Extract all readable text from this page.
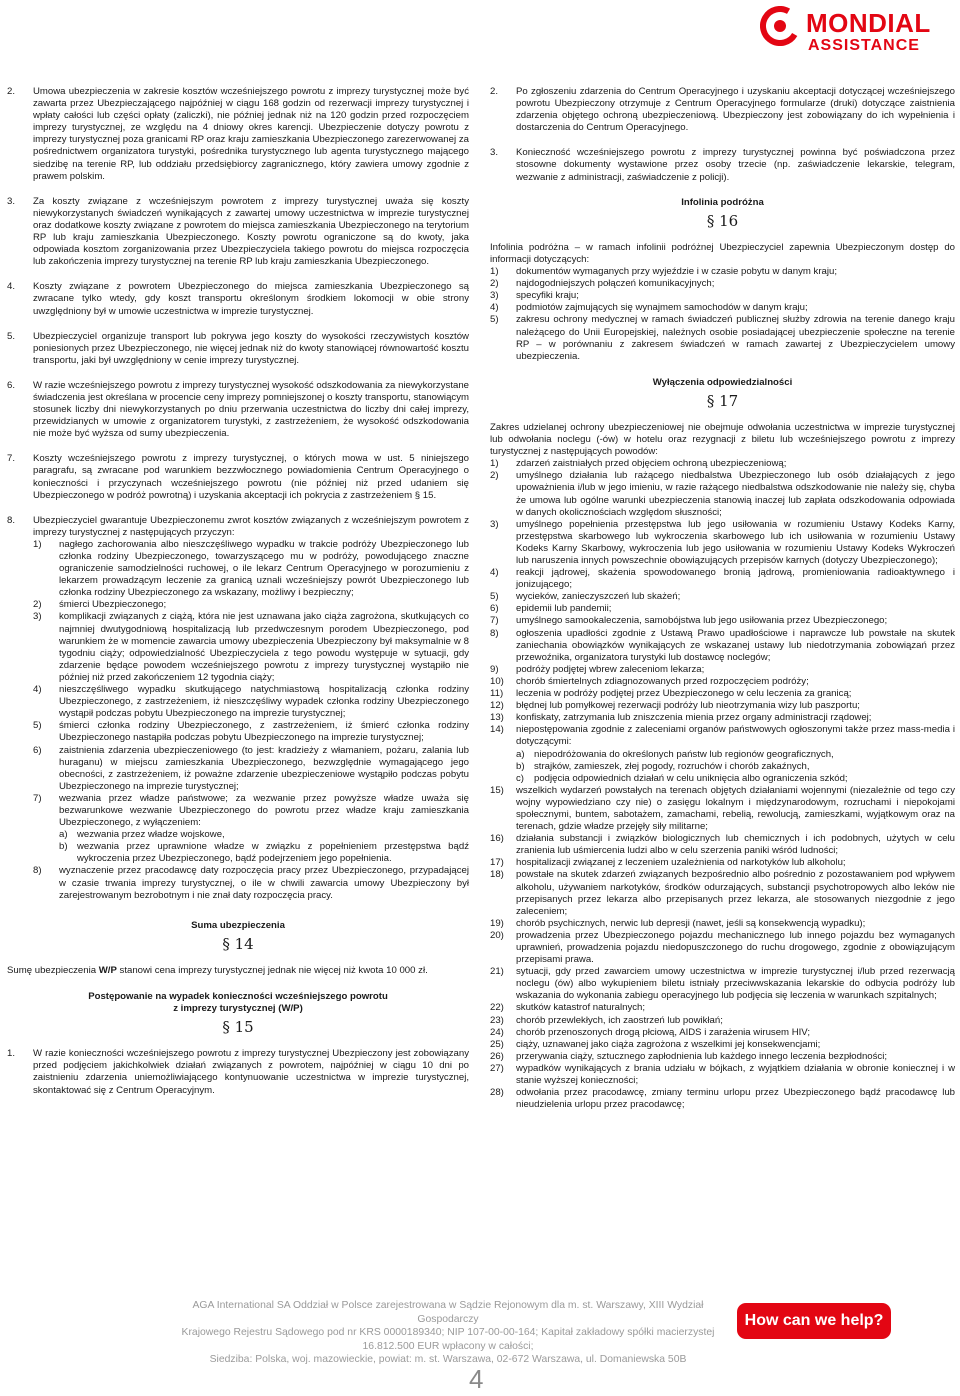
MONDIAL
ASSISTANCE
2.	Umowa ubezpieczenia w zakresie kosztów wcześniejszego powrotu z imprezy turystycznej może być zawarta przez Ubezpieczającego najpóźniej w ciągu 168 godzin od rezerwacji imprezy turystycznej i wpłaty całości lub części opłaty (zaliczki), nie później jednak niż na 120 godzin przed rozpoczęciem imprezy turystycznej, ze względu na 4 dniowy okres karencji. Ubezpieczenie dotyczy powrotu z imprezy turystycznej poza granicami RP oraz kraju zamieszkania Ubezpieczonego zarezerwowanej za pośrednictwem organizatora turystyki, pośrednika turystycznego lub agenta turystycznego mającego siedzibę na terenie RP, lub oddziału przedsiębiorcy zagranicznego, który zawiera umowy zgodnie z prawem polskim.
3.	Za koszty związane z wcześniejszym powrotem z imprezy turystycznej uważa się koszty niewykorzystanych świadczeń wynikających z zawartej umowy uczestnictwa w imprezie turystycznej oraz dodatkowe koszty związane z powrotem do miejsca zamieszkania Ubezpieczonego na terytorium RP lub kraju zamieszkania Ubezpieczonego. Koszty powrotu ograniczone są do kwoty, jaka odpowiada kosztom zorganizowania przez Ubezpieczyciela takiego powrotu do miejsca rozpoczęcia lub zakończenia imprezy turystycznej na terenie RP lub kraju zamieszkania Ubezpieczonego.
4.	Koszty związane z powrotem Ubezpieczonego do miejsca zamieszkania Ubezpieczonego są zwracane tylko wtedy, gdy koszt transportu określonym środkiem lokomocji w obie strony uwzględniony był w umowie uczestnictwa w imprezie turystycznej.
5.	Ubezpieczyciel organizuje transport lub pokrywa jego koszty do wysokości rzeczywistych kosztów poniesionych przez Ubezpieczonego, nie więcej jednak niż do kwoty stanowiącej równowartość kosztu transportu, jaki był uwzględniony w cenie imprezy turystycznej.
6.	W razie wcześniejszego powrotu z imprezy turystycznej wysokość odszkodowania za niewykorzystane świadczenia jest określana w procencie ceny imprezy pomniejszonej o koszty transportu, stanowiącym stosunek liczby dni niewykorzystanych po dniu przerwania uczestnictwa do liczby dni całej imprezy, przewidzianych w umowie z organizatorem turystyki, z zastrzeżeniem, że wysokość odszkodowania nie może być wyższa od sumy ubezpieczenia.
7.	Koszty wcześniejszego powrotu z imprezy turystycznej, o których mowa w ust. 5 niniejszego paragrafu, są zwracane pod warunkiem bezzwłocznego powiadomienia Centrum Operacyjnego o konieczności i przyczynach wcześniejszego powrotu (nie później niż przed udaniem się Ubezpieczonego w podróż powrotną) i uzyskania akceptacji ich pokrycia z zastrzeżeniem § 15.
8.	Ubezpieczyciel gwarantuje Ubezpieczonemu zwrot kosztów związanych z wcześniejszym powrotem z imprezy turystycznej z następujących przyczyn:
1) nagłego zachorowania albo nieszczęśliwego wypadku w trakcie podróży Ubezpieczonego lub członka rodziny Ubezpieczonego, towarzyszącego mu w podróży, powodującego znaczne ograniczenie samodzielności ruchowej, o ile lekarz Centrum Operacyjnego w porozumieniu z lekarzem prowadzącym leczenie za granicą uznali wcześniejszy powrót Ubezpieczonego lub członka rodziny Ubezpieczonego za wskazany, możliwy i bezpieczny;
2) śmierci Ubezpieczonego;
3) komplikacji związanych z ciążą, która nie jest uznawana jako ciąża zagrożona, skutkujących co najmniej dwutygodniową hospitalizacją lub przedwczesnym porodem Ubezpieczonego, pod warunkiem że w momencie zawarcia umowy ubezpieczenia Ubezpieczony był maksymalnie w 8 tygodniu ciąży; odpowiedzialność Ubezpieczyciela z tego powodu występuje w sytuacji, gdy zdarzenie będące powodem wcześniejszego powrotu z imprezy turystycznej wystąpiło nie później niż przed zakończeniem 12 tygodnia ciąży;
4) nieszczęśliwego wypadku skutkującego natychmiastową hospitalizacją członka rodziny Ubezpieczonego, z zastrzeżeniem, iż nieszczęśliwy wypadek członka rodziny Ubezpieczonego wystąpił podczas pobytu Ubezpieczonego na imprezie turystycznej;
5) śmierci członka rodziny Ubezpieczonego, z zastrzeżeniem, iż śmierć członka rodziny Ubezpieczonego nastąpiła podczas pobytu Ubezpieczonego na imprezie turystycznej;
6) zaistnienia zdarzenia ubezpieczeniowego (to jest: kradzieży z włamaniem, pożaru, zalania lub huraganu) w miejscu zamieszkania Ubezpieczonego, bezwzględnie wymagającego jego obecności, z zastrzeżeniem, iż poważne zdarzenie ubezpieczeniowe wystąpiło podczas pobytu Ubezpieczonego na imprezie turystycznej;
7) wezwania przez władze państwowe; za wezwanie przez powyższe władze uważa się bezwarunkowe wezwanie Ubezpieczonego do powrotu przez władze kraju zamieszkania Ubezpieczonego, z wyłączeniem:
a) wezwania przez władze wojskowe,
b) wezwania przez uprawnione władze w związku z popełnieniem przestępstwa bądź wykroczenia przez Ubezpieczonego, bądź podejrzeniem jego popełnienia.
8) wyznaczenie przez pracodawcę daty rozpoczęcia pracy przez Ubezpieczonego, przypadającej w czasie trwania imprezy turystycznej, o ile w chwili zawarcia umowy Ubezpieczony był zarejestrowanym bezrobotnym i nie znał daty rozpoczęcia pracy.
Suma ubezpieczenia
§ 14
Sumę ubezpieczenia W/P stanowi cena imprezy turystycznej jednak nie więcej niż kwota 10 000 zł.
Postępowanie na wypadek konieczności wcześniejszego powrotu
z imprezy turystycznej (W/P)
§ 15
1.	W razie konieczności wcześniejszego powrotu z imprezy turystycznej Ubezpieczony jest zobowiązany przed podjęciem jakichkolwiek działań związanych z powrotem, najpóźniej w ciągu 10 dni po zaistnieniu zdarzenia uniemożliwiającego kontynuowanie uczestnictwa w imprezie turystycznej, skontaktować się z Centrum Operacyjnym.
2.	Po zgłoszeniu zdarzenia do Centrum Operacyjnego i uzyskaniu akceptacji dotyczącej wcześniejszego powrotu Ubezpieczony otrzymuje z Centrum Operacyjnego formularze (druki) dotyczące zaistnienia zdarzenia objętego ochroną ubezpieczeniową. Ubezpieczony jest zobowiązany do ich wypełnienia i dostarczenia do Centrum Operacyjnego.
3.	Konieczność wcześniejszego powrotu z imprezy turystycznej powinna być poświadczona przez stosowne dokumenty wystawione przez osoby trzecie (np. zaświadczenie lekarskie, telegram, wezwanie z administracji, zaświadczenie z policji).
Infolinia podróżna
§ 16
Infolinia podróżna – w ramach infolinii podróżnej Ubezpieczyciel zapewnia Ubezpieczonym dostęp do informacji dotyczących:
1) dokumentów wymaganych przy wyjeździe i w czasie pobytu w danym kraju;
2) najdogodniejszych połączeń komunikacyjnych;
3) specyfiki kraju;
4) podmiotów zajmujących się wynajmem samochodów w danym kraju;
5) zakresu ochrony medycznej w ramach świadczeń publicznej służby zdrowia na terenie danego kraju należącego do Unii Europejskiej, należnych osobie posiadającej ubezpieczenie społeczne na terenie RP – w porównaniu z zakresem świadczeń w ramach zawartej z Ubezpieczycielem umowy ubezpieczenia.
Wyłączenia odpowiedzialności
§ 17
Zakres udzielanej ochrony ubezpieczeniowej nie obejmuje odwołania uczestnictwa w imprezie turystycznej lub odwołania noclegu (-ów) w hotelu oraz rezygnacji z biletu lub wcześniejszego powrotu z imprezy turystycznej z następujących powodów:
1) zdarzeń zaistniałych przed objęciem ochroną ubezpieczeniową;
2) umyślnego działania lub rażącego niedbalstwa Ubezpieczonego lub osób działających z jego upoważnienia i/lub w jego imieniu, w razie rażącego niedbalstwa odszkodowanie nie należy się, chyba że umowa lub ogólne warunki ubezpieczenia stanowią inaczej lub zapłata odszkodowania odpowiada w danych okolicznościach względom słuszności;
3) umyślnego popełnienia przestępstwa lub jego usiłowania w rozumieniu Ustawy Kodeks Karny, przestępstwa skarbowego lub wykroczenia skarbowego lub ich usiłowania w rozumieniu Ustawy Kodeks Karny Skarbowy, wykroczenia lub jego usiłowania w rozumieniu Ustawy Kodeks Wykroczeń lub naruszenia innych powszechnie obowiązujących przepisów karnych (dotyczy Ubezpieczonego);
4) reakcji jądrowej, skażenia spowodowanego bronią jądrową, promieniowania radioaktywnego i jonizującego;
5) wycieków, zanieczyszczeń lub skażeń;
6) epidemii lub pandemii;
7) umyślnego samookaleczenia, samobójstwa lub jego usiłowania przez Ubezpieczonego;
8) ogłoszenia upadłości zgodnie z Ustawą Prawo upadłościowe i naprawcze lub powstałe na skutek zaniechania obowiązków wynikających ze wskazanej ustawy lub niedotrzymania zobowiązań przez przewoźnika, organizatora turystyki lub dostawcę noclegów;
9) podróży podjętej wbrew zaleceniom lekarza;
10) chorób śmiertelnych zdiagnozowanych przed rozpoczęciem podróży;
11) leczenia w podróży podjętej przez Ubezpieczonego w celu leczenia za granicą;
12) błędnej lub pomyłkowej rezerwacji podróży lub nieotrzymania wizy lub paszportu;
13) konfiskaty, zatrzymania lub zniszczenia mienia przez organy administracji rządowej;
14) niepostępowania zgodnie z zaleceniami organów państwowych ogłoszonymi także przez mass-media i dotyczącymi:
a) niepodróżowania do określonych państw lub regionów geograficznych,
b) strajków, zamieszek, złej pogody, rozruchów i chorób zakaźnych,
c) podjęcia odpowiednich działań w celu uniknięcia albo ograniczenia szkód;
15) wszelkich wydarzeń powstałych na terenach objętych działaniami wojennymi (niezależnie od tego czy wojny wypowiedziano czy nie) o zasięgu lokalnym i międzynarodowym, rozruchami i niepokojami społecznymi, buntem, sabotażem, zamachami, rebelią, rewolucją, zamieszkami, wyjątkowym oraz na terenach, gdzie władze przejęły siły militarne;
16) działania substancji i związków biologicznych lub chemicznych i ich podobnych, użytych w celu zranienia lub uśmiercenia ludzi albo w celu szerzenia paniki wśród ludności;
17) hospitalizacji związanej z leczeniem uzależnienia od narkotyków lub alkoholu;
18) powstałe na skutek zdarzeń związanych bezpośrednio albo pośrednio z pozostawaniem pod wpływem alkoholu, używaniem narkotyków, środków odurzających, substancji psychotropowych albo leków nie przepisanych przez lekarza albo przepisanych przez lekarza, ale stosowanych niezgodnie z jego zaleceniem;
19) chorób psychicznych, nerwic lub depresji (nawet, jeśli są konsekwencją wypadku);
20) prowadzenia przez Ubezpieczonego pojazdu mechanicznego lub innego pojazdu bez wymaganych uprawnień, prowadzenia pojazdu niedopuszczonego do ruchu drogowego, zgodnie z obowiązującym przepisami prawa.
21) sytuacji, gdy przed zawarciem umowy uczestnictwa w imprezie turystycznej i/lub przed rezerwacją noclegu (ów) albo wykupieniem biletu istniały przeciwwskazania lekarskie do odbycia podróży lub wskazania do wykonania zabiegu operacyjnego lub podjęcia się leczenia w warunkach szpitalnych;
22) skutków katastrof naturalnych;
23) chorób przewlekłych, ich zaostrzeń lub powikłań;
24) chorób przenoszonych drogą płciową, AIDS i zarażenia wirusem HIV;
25) ciąży, uznawanej jako ciąża zagrożona z wszelkimi jej konsekwencjami;
26) przerywania ciąży, sztucznego zapłodnienia lub każdego innego leczenia bezpłodności;
27) wypadków wynikających z brania udziału w bójkach, z wyjątkiem działania w obronie koniecznej i w stanie wyższej konieczności;
28) odwołania przez pracodawcę, zmiany terminu urlopu przez Ubezpieczonego bądź pracodawcę lub nieudzielenia urlopu przez pracodawcę;
AGA International SA Oddział w Polsce zarejestrowana w Sądzie Rejonowym dla m. st. Warszawy, XIII Wydział Gospodarczy
Krajowego Rejestru Sądowego pod nr KRS 0000189340; NIP 107-00-00-164; Kapitał zakładowy spółki macierzystej 16.812.500 EUR wpłacony w całości;
Siedziba: Polska, woj. mazowieckie, powiat: m. st. Warszawa, 02-672 Warszawa, ul. Domaniewska 50B
How can we help?
4
